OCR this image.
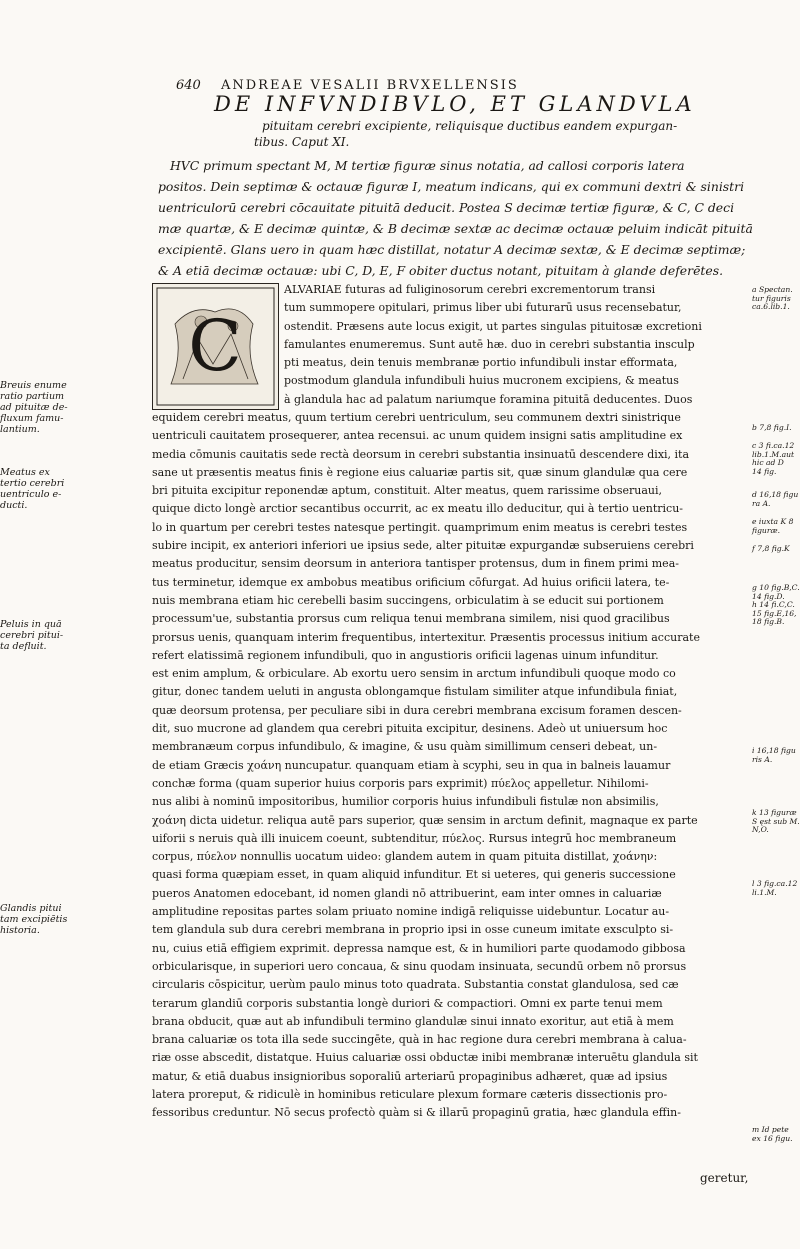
640 ANDREAE VESALII BRVXELLENSIS
DE INFVNDIBVLO, ET GLANDVLA
pituitam cerebri excipiente, reliquisque ductibus eandem expurgan-
tibus. Caput XI.
HVC primum spectant M, M tertiæ figuræ sinus notatia, ad callosi corporis latera
positos. Dein septimæ & octauæ figuræ I, meatum indicans, qui ex communi dextri & sinistri
uentriculorū cerebri cōcauitate pituitā deducit. Postea S decimæ tertiæ figuræ, & C, C deci
mæ quartæ, & E decimæ quintæ, & B decimæ sextæ ac decimæ octauæ peluim indicāt pituitā
excipientē. Glans uero in quam hæc distillat, notatur A decimæ sextæ, & E decimæ septimæ;
& A etiā decimæ octauæ: ubi C, D, E, F obiter ductus notant, pituitam à glande deferētes.
C
ALVARIAE futuras ad fuliginosorum cerebri excrementorum transi
tum summopere opitulari, primus liber ubi futurarū usus recensebatur,
ostendit. Præsens aute locus exigit, ut partes singulas pituitosæ excretioni
famulantes enumeremus. Sunt autē hæ. duo in cerebri substantia insculp
pti meatus, dein tenuis membranæ portio infundibuli instar efformata,
postmodum glandula infundibuli huius mucronem excipiens, & meatus
à glandula hac ad palatum nariumque foramina pituitā deducentes. Duos
equidem cerebri meatus, quum tertium cerebri uentriculum, seu communem dextri sinistrique
uentriculi cauitatem prosequerer, antea recensui. ac unum quidem insigni satis amplitudine ex
media cōmunis cauitatis sede rectà deorsum in cerebri substantia insinuatū descendere dixi, ita
sane ut præsentis meatus finis è regione eius caluariæ partis sit, quæ sinum glandulæ qua cere
bri pituita excipitur reponendæ aptum, constituit. Alter meatus, quem rarissime obseruaui,
quique dicto longè arctior secantibus occurrit, ac ex meatu illo deducitur, qui à tertio uentricu-
lo in quartum per cerebri testes natesque pertingit. quamprimum enim meatus is cerebri testes
subire incipit, ex anteriori inferiori ue ipsius sede, alter pituitæ expurgandæ subseruiens cerebri
meatus producitur, sensim deorsum in anteriora tantisper protensus, dum in finem primi mea-
tus terminetur, idemque ex ambobus meatibus orificium cōfurgat. Ad huius orificii latera, te-
nuis membrana etiam hic cerebelli basim succingens, orbiculatim à se educit sui portionem
processum'ue, substantia prorsus cum reliqua tenui membrana similem, nisi quod gracilibus
prorsus uenis, quanquam interim frequentibus, intertexitur. Præsentis processus initium accurate
refert elatissimā regionem infundibuli, quo in angustioris orificii lagenas uinum infunditur.
est enim amplum, & orbiculare. Ab exortu uero sensim in arctum infundibuli quoque modo co
gitur, donec tandem ueluti in angusta oblongamque fistulam similiter atque infundibula finiat,
quæ deorsum protensa, per peculiare sibi in dura cerebri membrana excisum foramen descen-
dit, suo mucrone ad glandem qua cerebri pituita excipitur, desinens. Adeò ut uniuersum hoc
membranæum corpus infundibulo, & imagine, & usu quàm simillimum censeri debeat, un-
de etiam Græcis χοάνη nuncupatur. quanquam etiam à scyphi, seu in qua in balneis lauamur
conchæ forma (quam superior huius corporis pars exprimit) πύελος appelletur. Nihilomi-
nus alibi à nominū impositoribus, humilior corporis huius infundibuli fistulæ non absimilis,
χοάνη dicta uidetur. reliqua autē pars superior, quæ sensim in arctum definit, magnaque ex parte
uiforii s neruis quà illi inuicem coeunt, subtenditur, πύελος. Rursus integrū hoc membraneum
corpus, πύελον nonnullis uocatum uideo: glandem autem in quam pituita distillat, χοάνην:
quasi forma quæpiam esset, in quam aliquid infunditur. Et si ueteres, qui generis successione
pueros Anatomen edocebant, id nomen glandi nō attribuerint, eam inter omnes in caluariæ
amplitudine repositas partes solam priuato nomine indigā reliquisse uidebuntur. Locatur au-
tem glandula sub dura cerebri membrana in proprio ipsi in osse cuneum imitate exsculpto si-
nu, cuius etiā effigiem exprimit. depressa namque est, & in humiliori parte quodamodo gibbosa
orbicularisque, in superiori uero concaua, & sinu quodam insinuata, secundū orbem nō prorsus
circularis cōspicitur, uerùm paulo minus toto quadrata. Substantia constat glandulosa, sed cæ
terarum glandiū corporis substantia longè duriori & compactiori. Omni ex parte tenui mem
brana obducit, quæ aut ab infundibuli termino glandulæ sinui innato exoritur, aut etiā à mem
brana caluariæ os tota illa sede succingēte, quà in hac regione dura cerebri membrana à calua-
riæ osse abscedit, distatque. Huius caluariæ ossi obductæ inibi membranæ interuētu glandula sit
matur, & etiā duabus insignioribus soporaliū arteriarū propaginibus adhæret, quæ ad ipsius
latera proreput, & ridiculè in hominibus reticulare plexum formare cæteris dissectionis pro-
fessoribus creduntur. Nō secus profectò quàm si & illarū propaginū gratia, hæc glandula effin-
geretur,
Breuis enume
ratio partium
ad pituitæ de-
fluxum famu-
lantium.
Meatus ex
tertio cerebri
uentriculo e-
ducti.
Peluis in quā
cerebri pitui-
ta defluit.
Glandis pitui
tam excipiētis
historia.
a Spectan.
tur figuris
ca.6.lib.1.
b 7,8 fig.I.
c 3 fi.ca.12
lib.1.M.aut
hic ad D
14 fig.
d 16,18 figu
ra A.
e iuxta K 8
figuræ.
f 7,8 fig.K
g 10 fig.B,C.
14 fig.D.
h 14 fi.C,C.
15 fig.E,16,
18 fig.B.
i 16,18 figu
ris A.
k 13 figuræ
S ęst sub M.
N,O.
l 3 fig.ca.12
li.1.M.
m Id pete
ex 16 figu.
